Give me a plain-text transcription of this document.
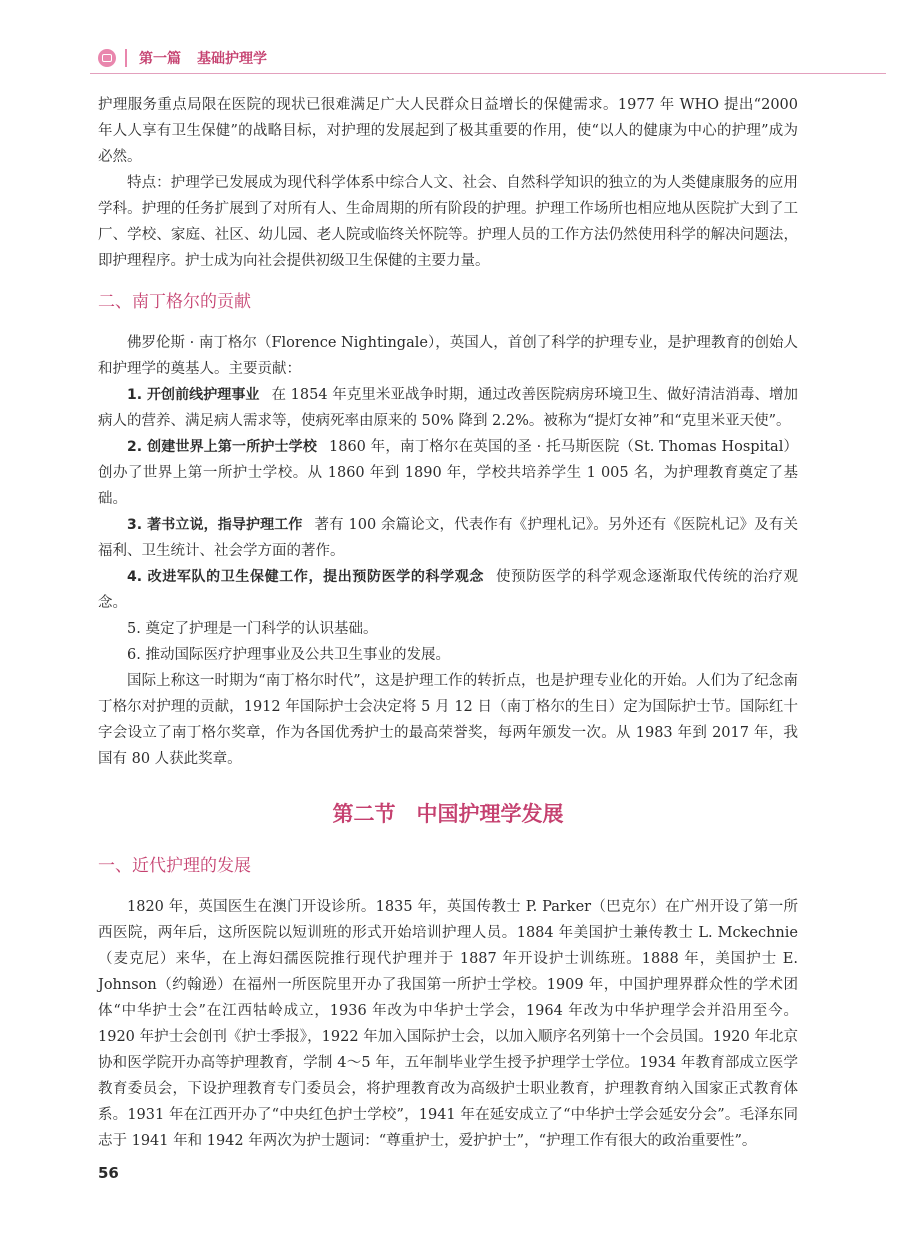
第一篇 基础护理学

护理服务重点局限在医院的现状已很难满足广大人民群众日益增长的保健需求。1977 年 WHO 提出“2000 年人人享有卫生保健”的战略目标，对护理的发展起到了极其重要的作用，使“以人的健康为中心的护理”成为必然。

特点：护理学已发展成为现代科学体系中综合人文、社会、自然科学知识的独立的为人类健康服务的应用学科。护理的任务扩展到了对所有人、生命周期的所有阶段的护理。护理工作场所也相应地从医院扩大到了工厂、学校、家庭、社区、幼儿园、老人院或临终关怀院等。护理人员的工作方法仍然使用科学的解决问题法，即护理程序。护士成为向社会提供初级卫生保健的主要力量。

二、南丁格尔的贡献

佛罗伦斯 · 南丁格尔（Florence Nightingale），英国人，首创了科学的护理专业，是护理教育的创始人和护理学的奠基人。主要贡献：

1. 开创前线护理事业 在 1854 年克里米亚战争时期，通过改善医院病房环境卫生、做好清洁消毒、增加病人的营养、满足病人需求等，使病死率由原来的 50% 降到 2.2%。被称为“提灯女神”和“克里米亚天使”。

2. 创建世界上第一所护士学校 1860 年，南丁格尔在英国的圣 · 托马斯医院（St. Thomas Hospital）创办了世界上第一所护士学校。从 1860 年到 1890 年，学校共培养学生 1 005 名，为护理教育奠定了基础。

3. 著书立说，指导护理工作 著有 100 余篇论文，代表作有《护理札记》。另外还有《医院札记》及有关福利、卫生统计、社会学方面的著作。

4. 改进军队的卫生保健工作，提出预防医学的科学观念 使预防医学的科学观念逐渐取代传统的治疗观念。

5. 奠定了护理是一门科学的认识基础。

6. 推动国际医疗护理事业及公共卫生事业的发展。

国际上称这一时期为“南丁格尔时代”，这是护理工作的转折点，也是护理专业化的开始。人们为了纪念南丁格尔对护理的贡献，1912 年国际护士会决定将 5 月 12 日（南丁格尔的生日）定为国际护士节。国际红十字会设立了南丁格尔奖章，作为各国优秀护士的最高荣誉奖，每两年颁发一次。从 1983 年到 2017 年，我国有 80 人获此奖章。

第二节　中国护理学发展

一、近代护理的发展

1820 年，英国医生在澳门开设诊所。1835 年，英国传教士 P. Parker（巴克尔）在广州开设了第一所西医院，两年后，这所医院以短训班的形式开始培训护理人员。1884 年美国护士兼传教士 L. Mckechnie（麦克尼）来华，在上海妇孺医院推行现代护理并于 1887 年开设护士训练班。1888 年，美国护士 E. Johnson（约翰逊）在福州一所医院里开办了我国第一所护士学校。1909 年，中国护理界群众性的学术团体“中华护士会”在江西牯岭成立，1936 年改为中华护士学会，1964 年改为中华护理学会并沿用至今。1920 年护士会创刊《护士季报》，1922 年加入国际护士会，以加入顺序名列第十一个会员国。1920 年北京协和医学院开办高等护理教育，学制 4～5 年，五年制毕业学生授予护理学士学位。1934 年教育部成立医学教育委员会，下设护理教育专门委员会，将护理教育改为高级护士职业教育，护理教育纳入国家正式教育体系。1931 年在江西开办了“中央红色护士学校”，1941 年在延安成立了“中华护士学会延安分会”。毛泽东同志于 1941 年和 1942 年两次为护士题词：“尊重护士，爱护护士”，“护理工作有很大的政治重要性”。

56
